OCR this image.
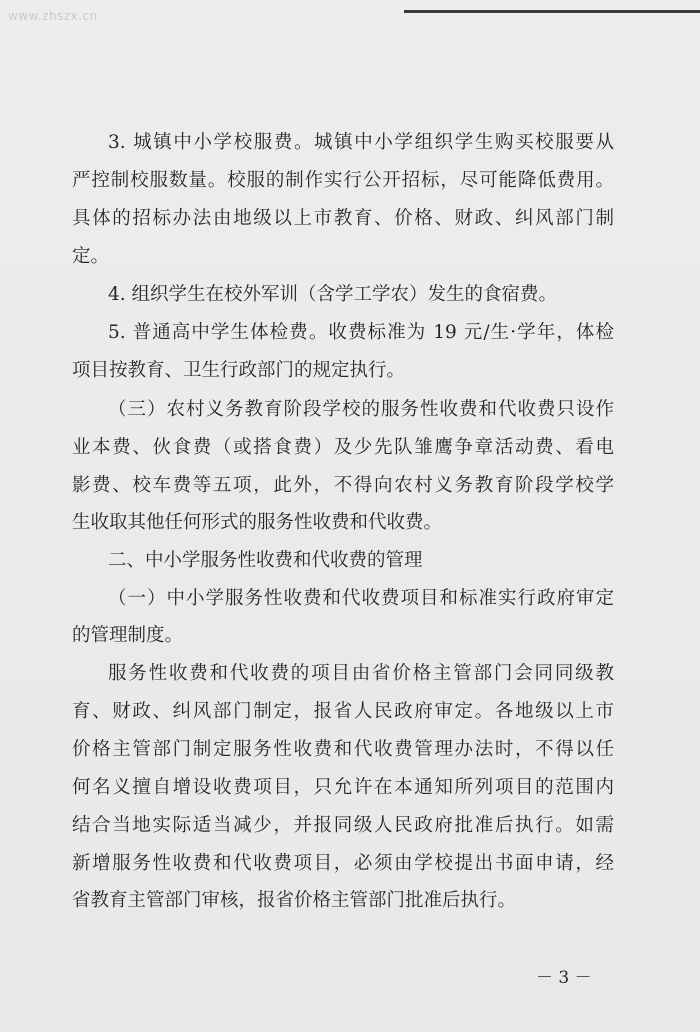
www.zhszx.cn
3. 城镇中小学校服费。城镇中小学组织学生购买校服要从
严控制校服数量。校服的制作实行公开招标，尽可能降低费用。
具体的招标办法由地级以上市教育、价格、财政、纠风部门制
定。
4. 组织学生在校外军训（含学工学农）发生的食宿费。
5. 普通高中学生体检费。收费标准为 19 元/生·学年，体检
项目按教育、卫生行政部门的规定执行。
（三）农村义务教育阶段学校的服务性收费和代收费只设作
业本费、伙食费（或搭食费）及少先队雏鹰争章活动费、看电
影费、校车费等五项，此外，不得向农村义务教育阶段学校学
生收取其他任何形式的服务性收费和代收费。
二、中小学服务性收费和代收费的管理
（一）中小学服务性收费和代收费项目和标准实行政府审定
的管理制度。
服务性收费和代收费的项目由省价格主管部门会同同级教
育、财政、纠风部门制定，报省人民政府审定。各地级以上市
价格主管部门制定服务性收费和代收费管理办法时，不得以任
何名义擅自增设收费项目，只允许在本通知所列项目的范围内
结合当地实际适当减少，并报同级人民政府批准后执行。如需
新增服务性收费和代收费项目，必须由学校提出书面申请，经
省教育主管部门审核，报省价格主管部门批准后执行。
－ 3 －
